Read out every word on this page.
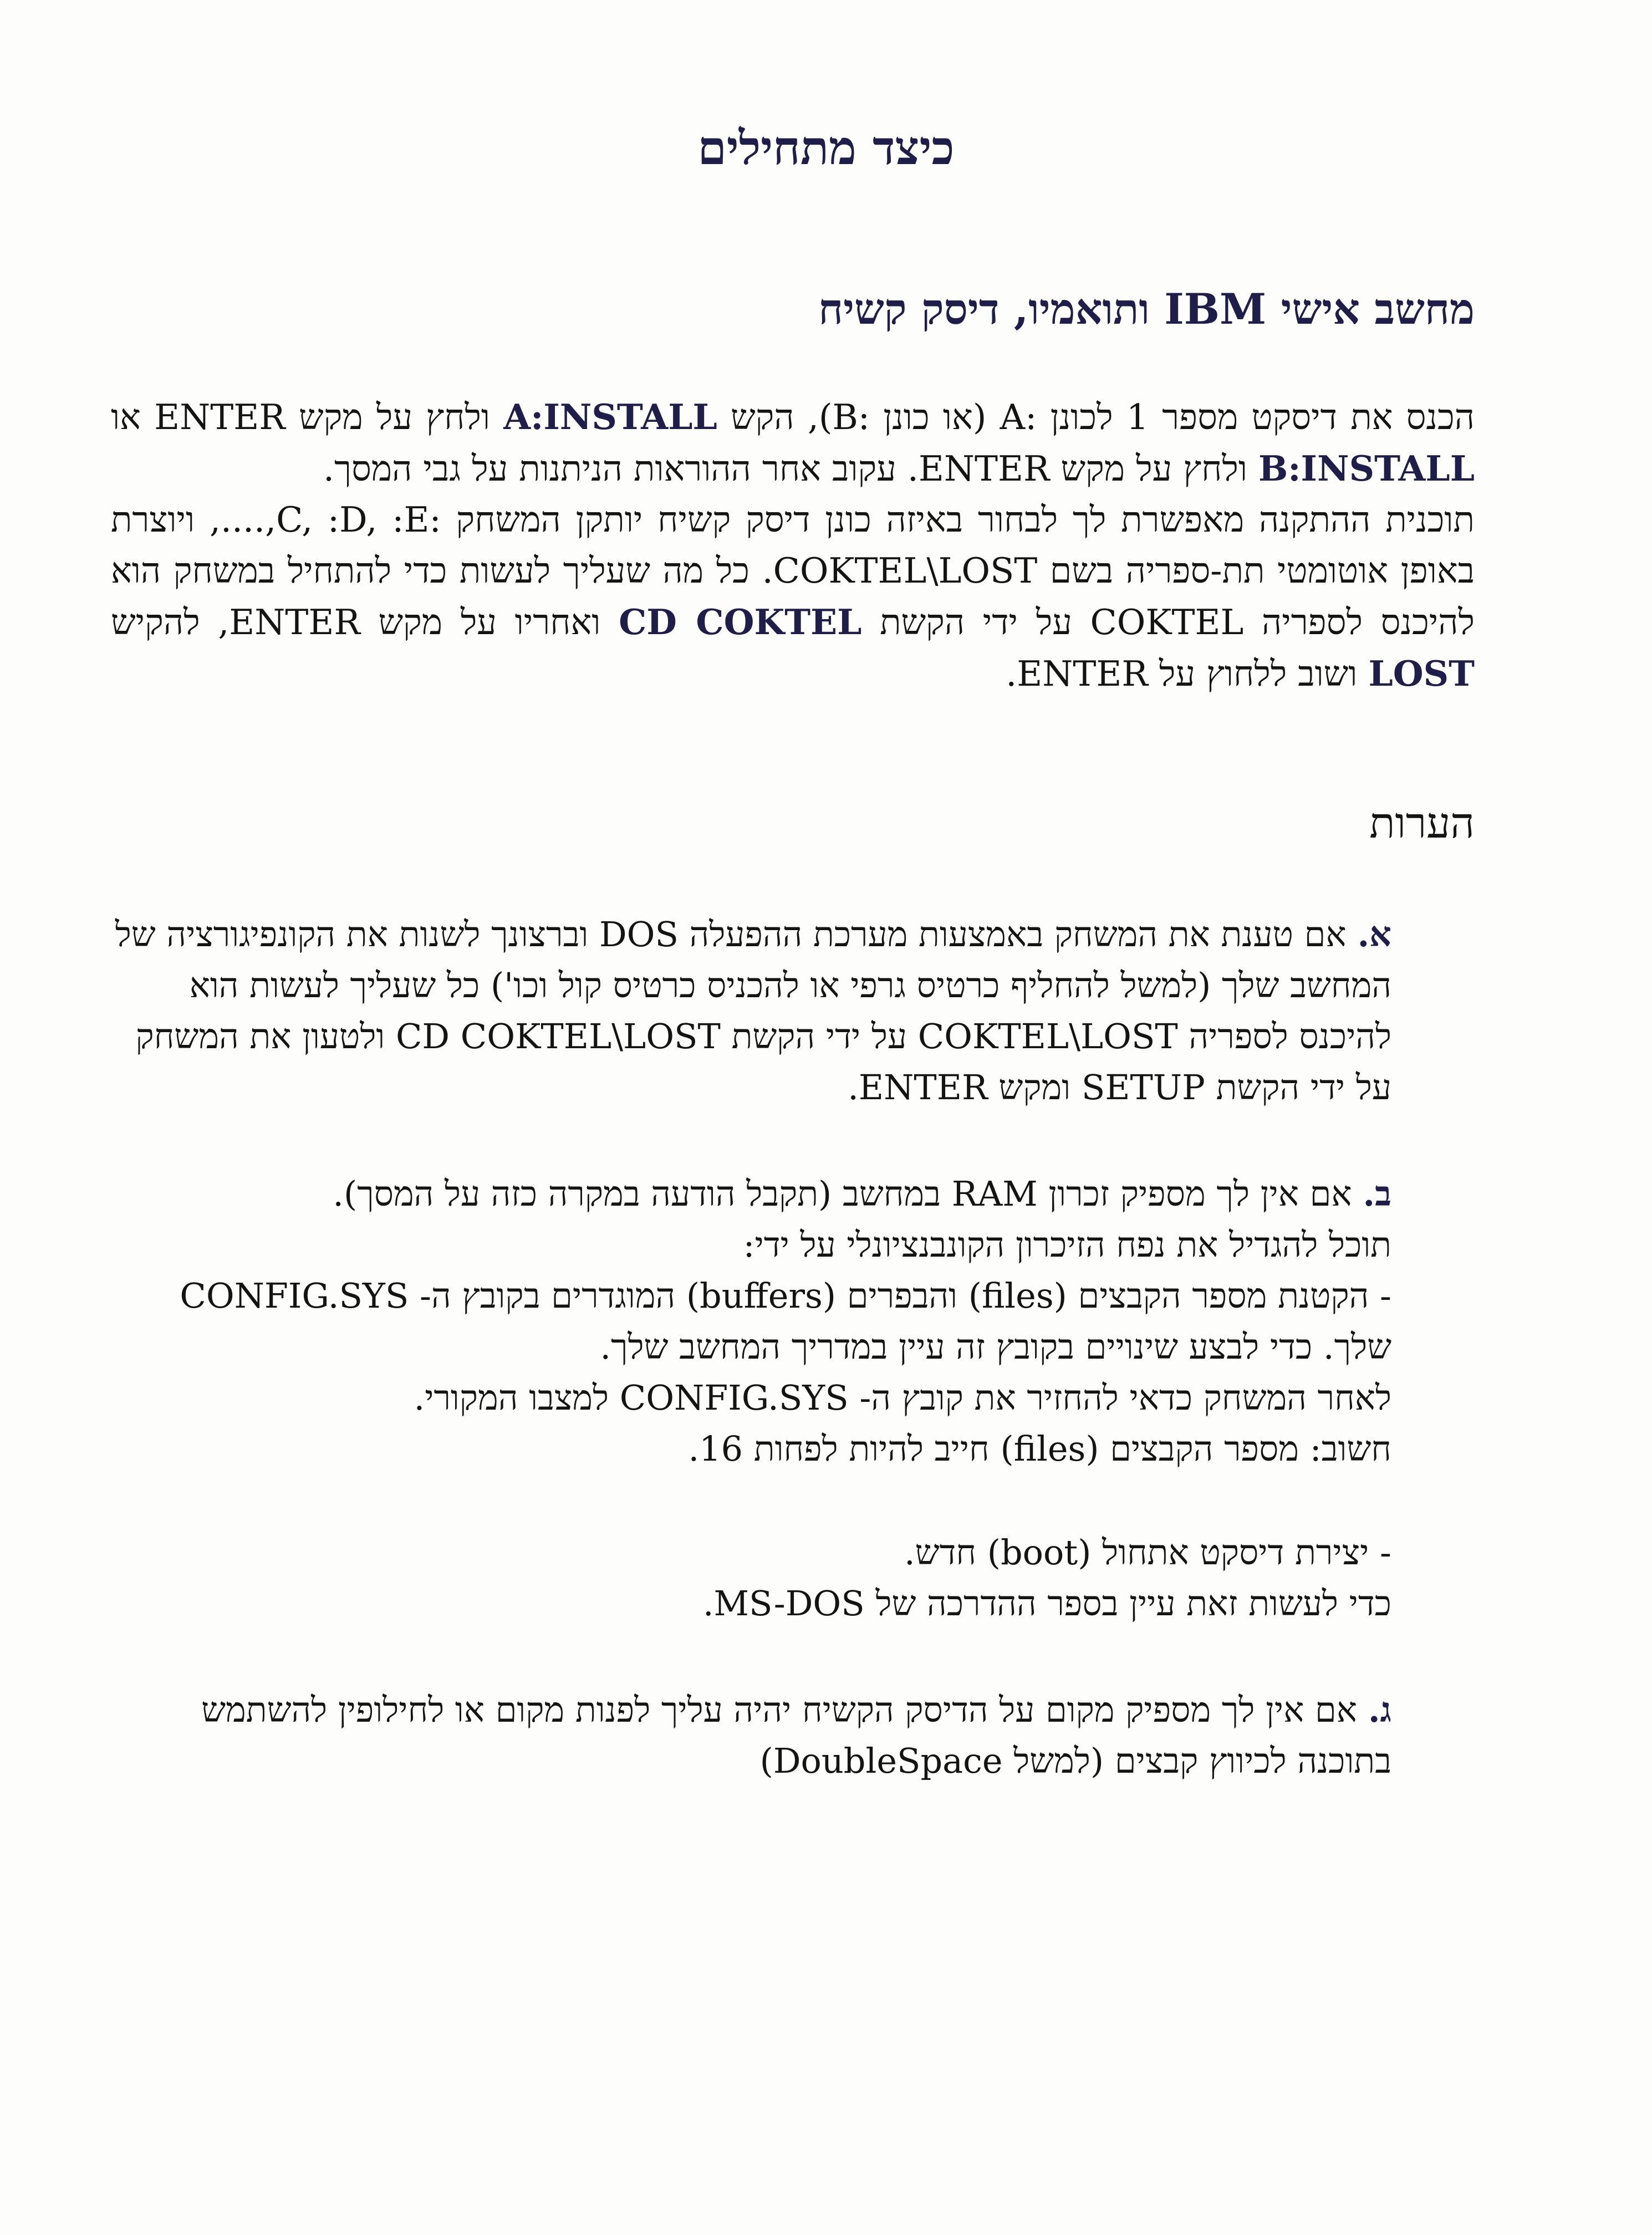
כיצד מתחילים
מחשב אישי IBM ותואמיו, דיסק קשיח

הכנס את דיסקט מספר 1 לכונן :A (או כונן :B), הקש A:INSTALL ולחץ על מקש ENTER או B:INSTALL ולחץ על מקש ENTER. עקוב אחר ההוראות הניתנות על גבי המסך.

תוכנית ההתקנה מאפשרת לך לבחור באיזה כונן דיסק קשיח יותקן המשחק :C, :D, :E,...., ויוצרת באופן אוטומטי תת-ספריה בשם COKTEL\LOST. כל מה שעליך לעשות כדי להתחיל במשחק הוא להיכנס לספריה COKTEL על ידי הקשת CD COKTEL ואחריו על מקש ENTER, להקיש LOST ושוב ללחוץ על ENTER.

הערות

א.אם טענת את המשחק באמצעות מערכת ההפעלה DOS וברצונך לשנות את הקונפיגורציה של המחשב שלך (למשל להחליף כרטיס גרפי או להכניס כרטיס קול וכו') כל שעליך לעשות הוא להיכנס לספריה COKTEL\LOST על ידי הקשת CD COKTEL\LOST ולטעון את המשחק על ידי הקשת SETUP ומקש ENTER.

ב.אם אין לך מספיק זכרון RAM במחשב (תקבל הודעה במקרה כזה על המסך).

תוכל להגדיל את נפח הזיכרון הקונבנציונלי על ידי:

- הקטנת מספר הקבצים (files) והבפרים (buffers) המוגדרים בקובץ ה- CONFIG.SYS שלך. כדי לבצע שינויים בקובץ זה עיין במדריך המחשב שלך.

לאחר המשחק כדאי להחזיר את קובץ ה- CONFIG.SYS למצבו המקורי.

חשוב: מספר הקבצים (files) חייב להיות לפחות 16.

- יצירת דיסקט אתחול (boot) חדש.

כדי לעשות זאת עיין בספר ההדרכה של MS-DOS.

ג.אם אין לך מספיק מקום על הדיסק הקשיח יהיה עליך לפנות מקום או לחילופין להשתמש בתוכנה לכיווץ קבצים (למשל DoubleSpace)
